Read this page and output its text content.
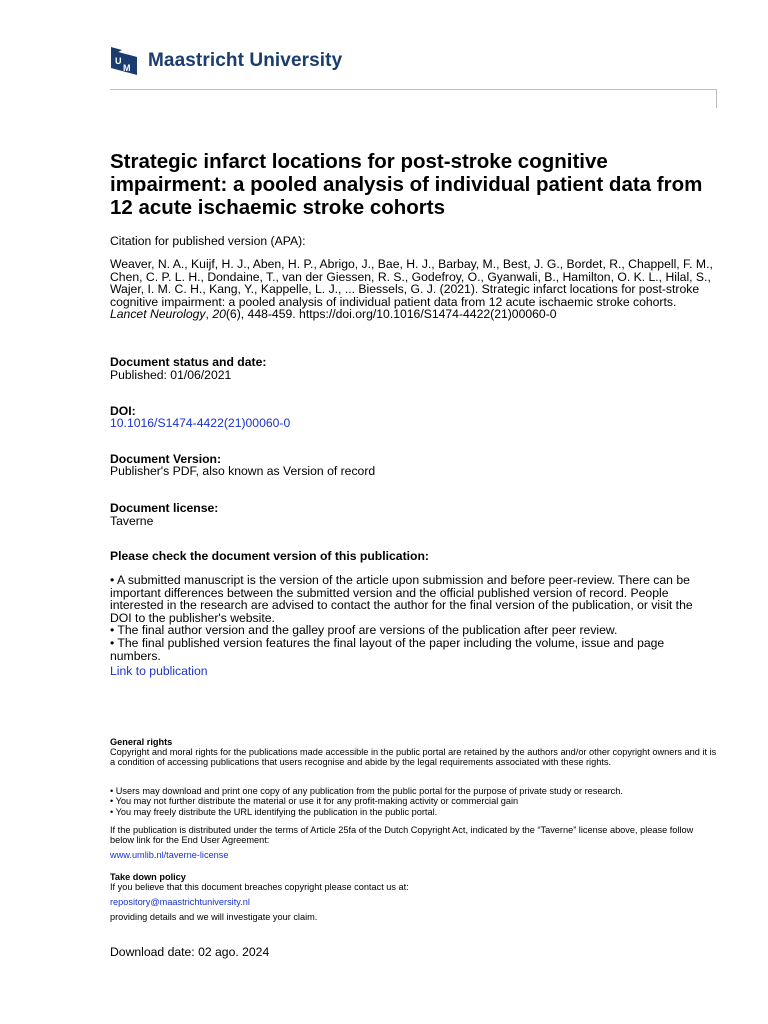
U
M Maastricht University
Strategic infarct locations for post-stroke cognitive impairment: a pooled analysis of individual patient data from 12 acute ischaemic stroke cohorts
Citation for published version (APA):
Weaver, N. A., Kuijf, H. J., Aben, H. P., Abrigo, J., Bae, H. J., Barbay, M., Best, J. G., Bordet, R., Chappell, F. M., Chen, C. P. L. H., Dondaine, T., van der Giessen, R. S., Godefroy, O., Gyanwali, B., Hamilton, O. K. L., Hilal, S., Wajer, I. M. C. H., Kang, Y., Kappelle, L. J., ... Biessels, G. J. (2021). Strategic infarct locations for post-stroke cognitive impairment: a pooled analysis of individual patient data from 12 acute ischaemic stroke cohorts. Lancet Neurology, 20(6), 448-459. https://doi.org/10.1016/S1474-4422(21)00060-0
Document status and date:
Published: 01/06/2021
DOI:
10.1016/S1474-4422(21)00060-0
Document Version:
Publisher's PDF, also known as Version of record
Document license:
Taverne
Please check the document version of this publication:
• A submitted manuscript is the version of the article upon submission and before peer-review. There can be important differences between the submitted version and the official published version of record. People interested in the research are advised to contact the author for the final version of the publication, or visit the DOI to the publisher's website.
• The final author version and the galley proof are versions of the publication after peer review.
• The final published version features the final layout of the paper including the volume, issue and page numbers.
Link to publication
General rights
Copyright and moral rights for the publications made accessible in the public portal are retained by the authors and/or other copyright owners and it is a condition of accessing publications that users recognise and abide by the legal requirements associated with these rights.
• Users may download and print one copy of any publication from the public portal for the purpose of private study or research.
• You may not further distribute the material or use it for any profit-making activity or commercial gain
• You may freely distribute the URL identifying the publication in the public portal.
If the publication is distributed under the terms of Article 25fa of the Dutch Copyright Act, indicated by the “Taverne” license above, please follow below link for the End User Agreement:
www.umlib.nl/taverne-license
Take down policy
If you believe that this document breaches copyright please contact us at:
repository@maastrichtuniversity.nl
providing details and we will investigate your claim.
Download date: 02 ago. 2024
